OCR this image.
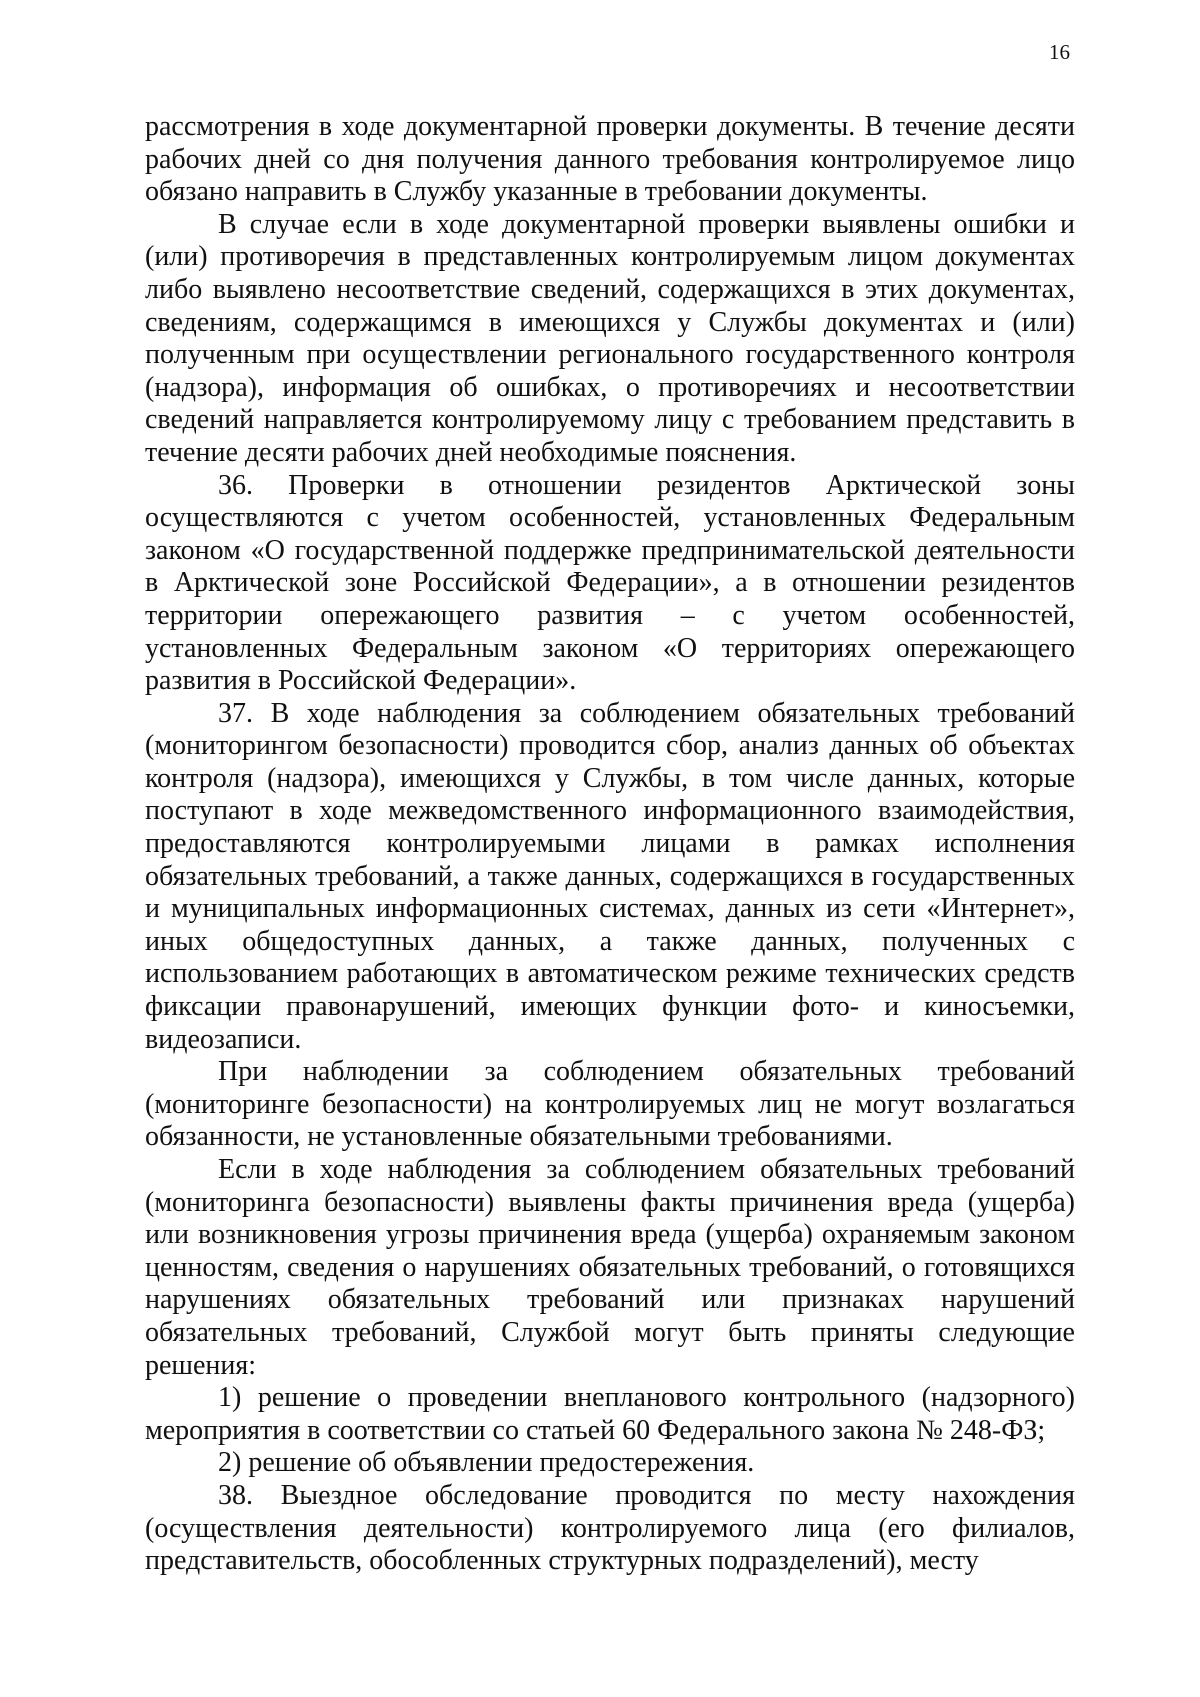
16

рассмотрения в ходе документарной проверки документы. В течение десяти рабочих дней со дня получения данного требования контролируемое лицо обязано направить в Службу указанные в требовании документы.

В случае если в ходе документарной проверки выявлены ошибки и (или) противоречия в представленных контролируемым лицом документах либо выявлено несоответствие сведений, содержащихся в этих документах, сведениям, содержащимся в имеющихся у Службы документах и (или) полученным при осуществлении регионального государственного контроля (надзора), информация об ошибках, о противоречиях и несоответствии сведений направляется контролируемому лицу с требованием представить в течение десяти рабочих дней необходимые пояснения.

36. Проверки в отношении резидентов Арктической зоны осуществляются с учетом особенностей, установленных Федеральным законом «О государственной поддержке предпринимательской деятельности в Арктической зоне Российской Федерации», а в отношении резидентов территории опережающего развития – с учетом особенностей, установленных Федеральным законом «О территориях опережающего развития в Российской Федерации».

37. В ходе наблюдения за соблюдением обязательных требований (мониторингом безопасности) проводится сбор, анализ данных об объектах контроля (надзора), имеющихся у Службы, в том числе данных, которые поступают в ходе межведомственного информационного взаимодействия, предоставляются контролируемыми лицами в рамках исполнения обязательных требований, а также данных, содержащихся в государственных и муниципальных информационных системах, данных из сети «Интернет», иных общедоступных данных, а также данных, полученных с использованием работающих в автоматическом режиме технических средств фиксации правонарушений, имеющих функции фото- и киносъемки, видеозаписи.

При наблюдении за соблюдением обязательных требований (мониторинге безопасности) на контролируемых лиц не могут возлагаться обязанности, не установленные обязательными требованиями.

Если в ходе наблюдения за соблюдением обязательных требований (мониторинга безопасности) выявлены факты причинения вреда (ущерба) или возникновения угрозы причинения вреда (ущерба) охраняемым законом ценностям, сведения о нарушениях обязательных требований, о готовящихся нарушениях обязательных требований или признаках нарушений обязательных требований, Службой могут быть приняты следующие решения:

1) решение о проведении внепланового контрольного (надзорного) мероприятия в соответствии со статьей 60 Федерального закона № 248-ФЗ;

2) решение об объявлении предостережения.

38. Выездное обследование проводится по месту нахождения (осуществления деятельности) контролируемого лица (его филиалов, представительств, обособленных структурных подразделений), месту
